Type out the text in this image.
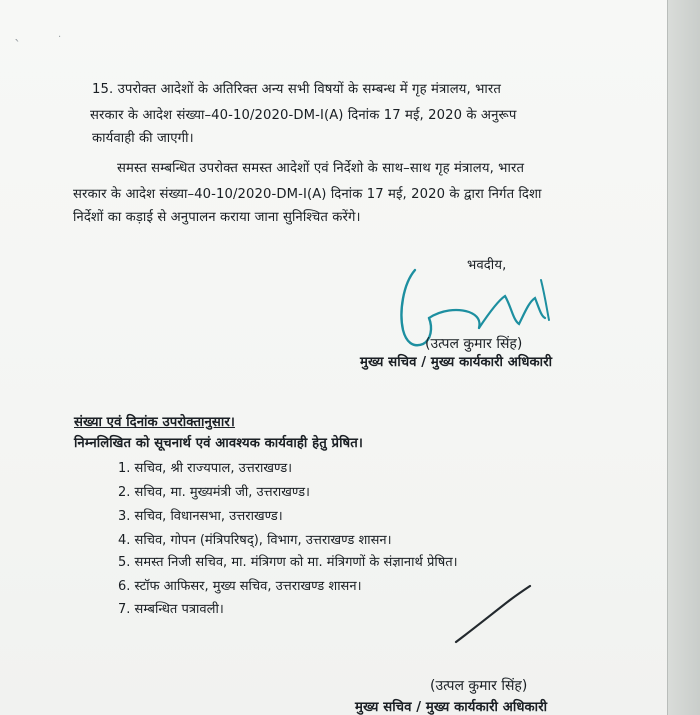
ˎ	·
15. उपरोक्त आदेशों के अतिरिक्त अन्य सभी विषयों के सम्बन्ध में गृह मंत्रालय, भारत
सरकार के आदेश संख्या–40-10/2020-DM-I(A) दिनांक 17 मई, 2020 के अनुरूप
कार्यवाही की जाएगी।
समस्त सम्बन्धित उपरोक्त समस्त आदेशों एवं निर्देशो के साथ–साथ गृह मंत्रालय, भारत
सरकार के आदेश संख्या–40-10/2020-DM-I(A) दिनांक 17 मई, 2020 के द्वारा निर्गत दिशा
निर्देशों का कड़ाई से अनुपालन कराया जाना सुनिश्चित करेंगे।
भवदीय,
(उत्पल कुमार सिंह)
मुख्य सचिव / मुख्य कार्यकारी अधिकारी
संख्या एवं दिनांक उपरोक्तानुसार।
निम्नलिखित को सूचनार्थ एवं आवश्यक कार्यवाही हेतु प्रेषित।
1. सचिव, श्री राज्यपाल, उत्तराखण्ड।
2. सचिव, मा. मुख्यमंत्री जी, उत्तराखण्ड।
3. सचिव, विधानसभा, उत्तराखण्ड।
4. सचिव, गोपन (मंत्रिपरिषद्), विभाग, उत्तराखण्ड शासन।
5. समस्त निजी सचिव, मा. मंत्रिगण को मा. मंत्रिगणों के संज्ञानार्थ प्रेषित।
6. स्टॉफ आफिसर, मुख्य सचिव, उत्तराखण्ड शासन।
7. सम्बन्धित पत्रावली।
(उत्पल कुमार सिंह)
मुख्य सचिव / मुख्य कार्यकारी अधिकारी
